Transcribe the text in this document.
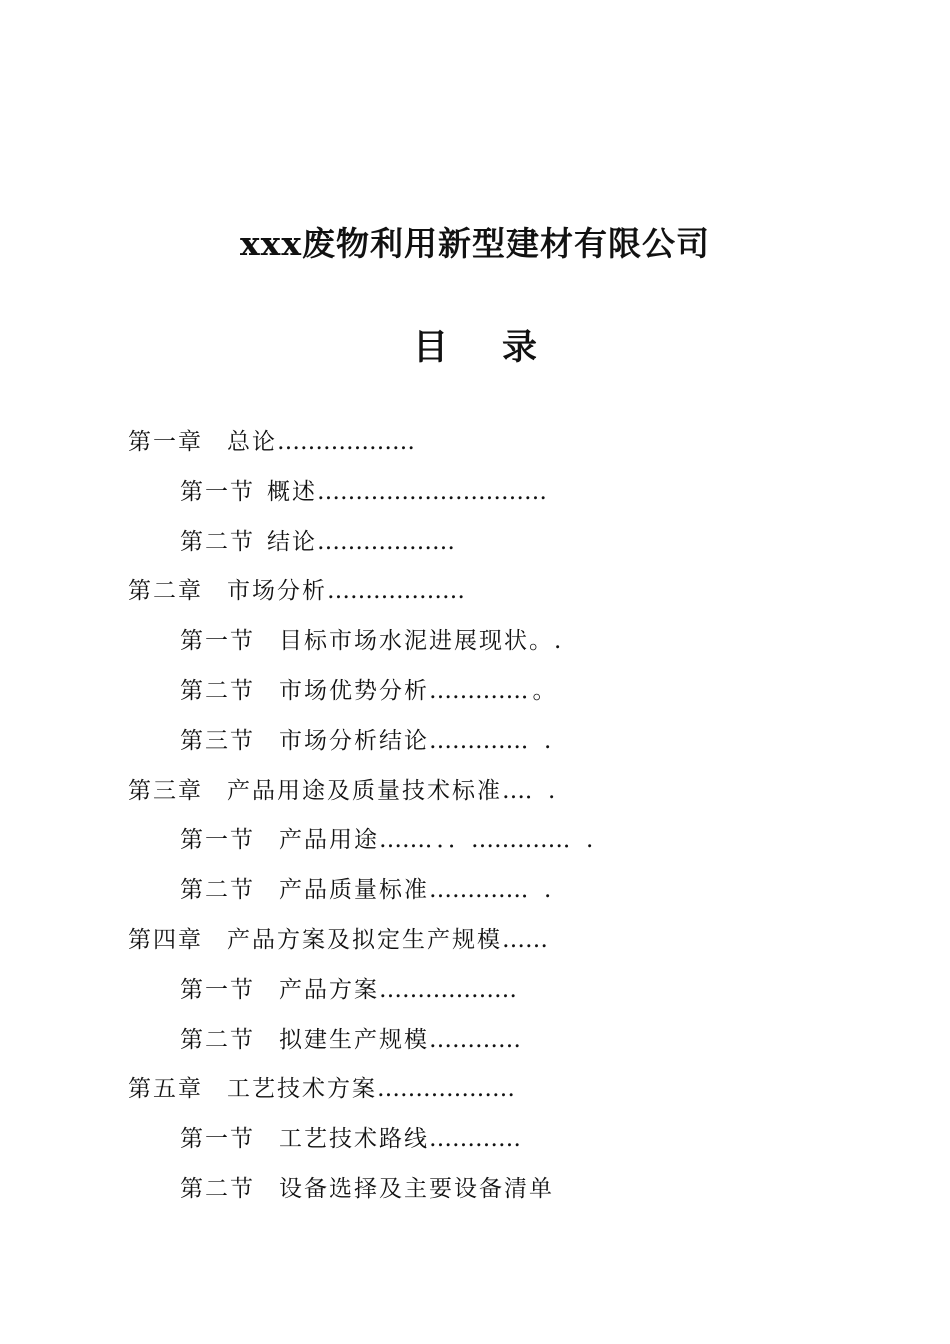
xxx废物利用新型建材有限公司
目 录
第一章 总论………………
第一节 概述…………………………
第二节 结论………………
第二章 市场分析………………
第一节 目标市场水泥进展现状。.
第二节 市场优势分析…………．。
第三节 市场分析结论…………．.
第三章 产品用途及质量技术标准…．.
第一节 产品用途……．．．…………．.
第二节 产品质量标准…………．.
第四章 产品方案及拟定生产规模……
第一节 产品方案………………
第二节 拟建生产规模…………
第五章 工艺技术方案………………
第一节 工艺技术路线…………
第二节 设备选择及主要设备清单
